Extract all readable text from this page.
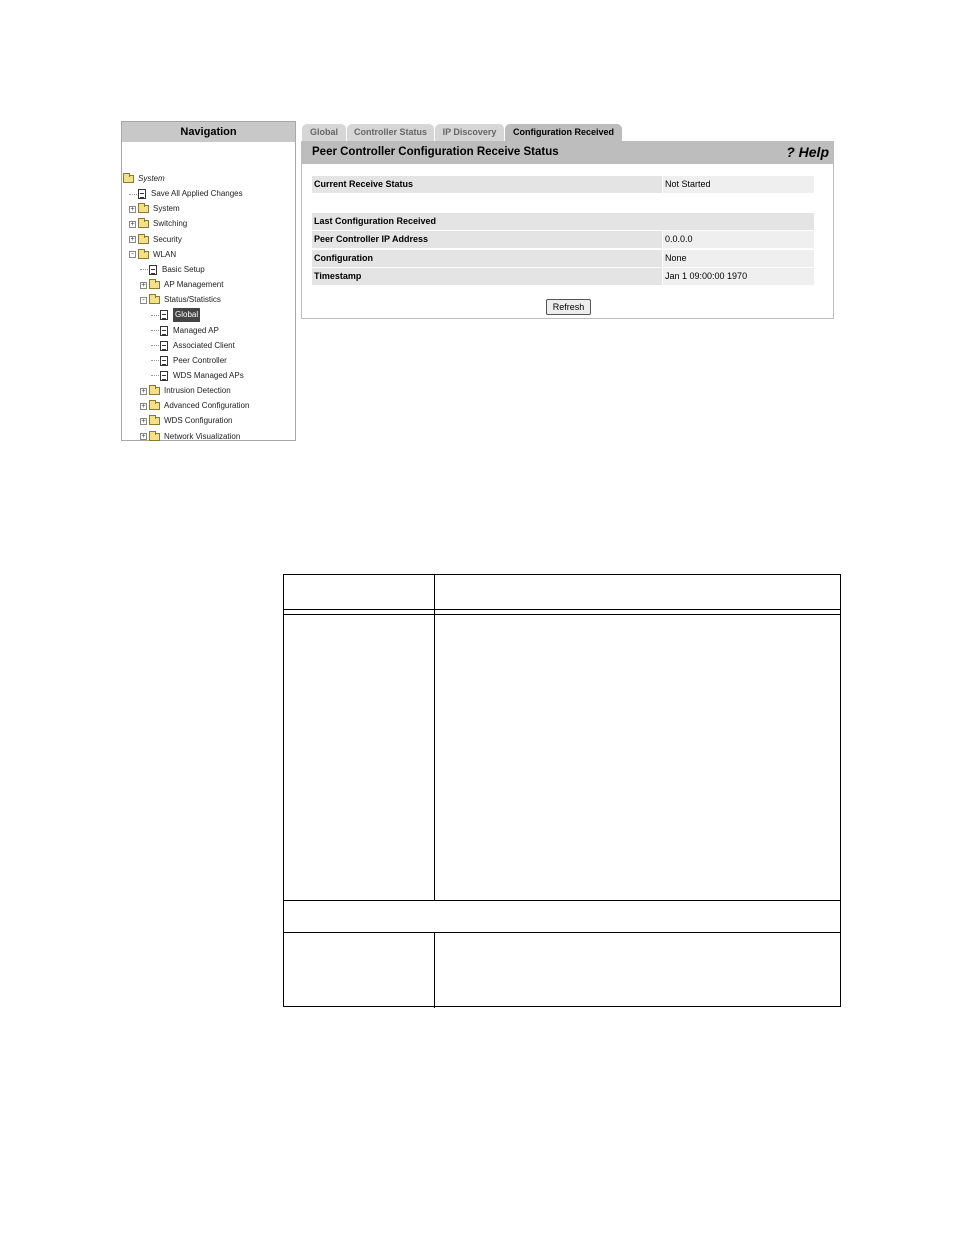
Navigation
System
Save All Applied Changes
+ System
+ Switching
+ Security
- WLAN
Basic Setup
+ AP Management
- Status/Statistics
Global
Managed AP
Associated Client
Peer Controller
WDS Managed APs
+ Intrusion Detection
+ Advanced Configuration
+ WDS Configuration
+ Network Visualization
Global	Controller Status	IP Discovery	Configuration Received
Peer Controller Configuration Receive Status	? Help
Current Receive Status	Not Started
Last Configuration Received
Peer Controller IP Address	0.0.0.0
Configuration	None
Timestamp	Jan 1 09:00:00 1970
Refresh
